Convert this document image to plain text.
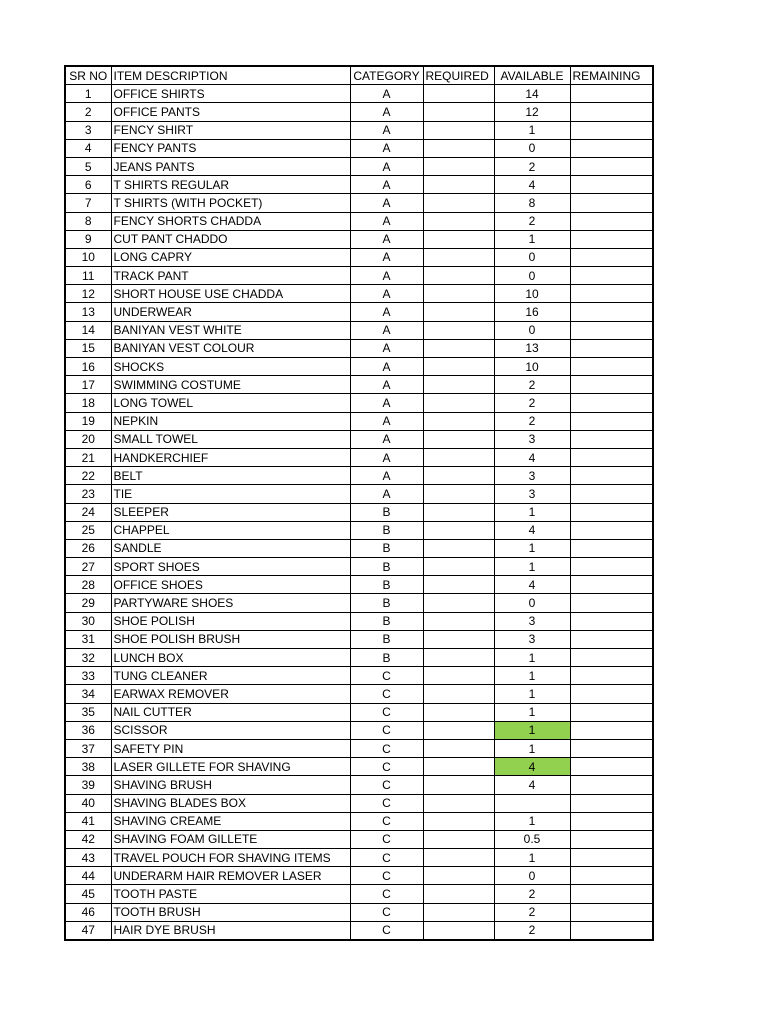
SR NO	ITEM DESCRIPTION	CATEGORY	REQUIRED	AVAILABLE	REMAINING
1	OFFICE SHIRTS	A		14	
2	OFFICE PANTS	A		12	
3	FENCY SHIRT	A		1	
4	FENCY PANTS	A		0	
5	JEANS PANTS	A		2	
6	T SHIRTS REGULAR	A		4	
7	T SHIRTS (WITH POCKET)	A		8	
8	FENCY SHORTS CHADDA	A		2	
9	CUT PANT CHADDO	A		1	
10	LONG CAPRY	A		0	
11	TRACK PANT	A		0	
12	SHORT HOUSE USE CHADDA	A		10	
13	UNDERWEAR	A		16	
14	BANIYAN VEST WHITE	A		0	
15	BANIYAN VEST COLOUR	A		13	
16	SHOCKS	A		10	
17	SWIMMING COSTUME	A		2	
18	LONG TOWEL	A		2	
19	NEPKIN	A		2	
20	SMALL TOWEL	A		3	
21	HANDKERCHIEF	A		4	
22	BELT	A		3	
23	TIE	A		3	
24	SLEEPER	B		1	
25	CHAPPEL	B		4	
26	SANDLE	B		1	
27	SPORT SHOES	B		1	
28	OFFICE SHOES	B		4	
29	PARTYWARE SHOES	B		0	
30	SHOE POLISH	B		3	
31	SHOE POLISH BRUSH	B		3	
32	LUNCH BOX	B		1	
33	TUNG CLEANER	C		1	
34	EARWAX REMOVER	C		1	
35	NAIL CUTTER	C		1	
36	SCISSOR	C		1	
37	SAFETY PIN	C		1	
38	LASER GILLETE FOR SHAVING	C		4	
39	SHAVING BRUSH	C		4	
40	SHAVING BLADES BOX	C			
41	SHAVING CREAME	C		1	
42	SHAVING FOAM GILLETE	C		0.5	
43	TRAVEL POUCH FOR SHAVING ITEMS	C		1	
44	UNDERARM HAIR REMOVER LASER	C		0	
45	TOOTH PASTE	C		2	
46	TOOTH BRUSH	C		2	
47	HAIR DYE BRUSH	C		2	
